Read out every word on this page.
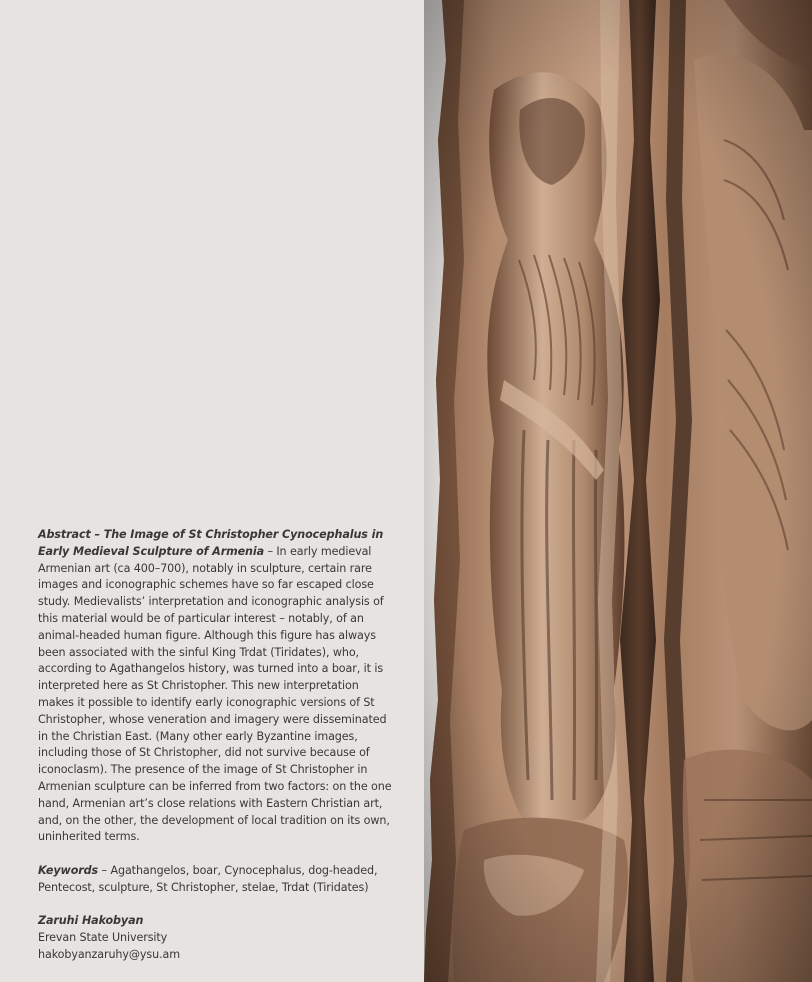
Abstract – The Image of St Christopher Cynocephalus in Early Medieval Sculpture of Armenia – In early medieval Armenian art (ca 400–700), notably in sculpture, certain rare images and iconographic schemes have so far escaped close study. Medievalists’ interpretation and iconographic analysis of this material would be of particular interest – notably, of an animal-headed human figure. Although this figure has always been associated with the sinful King Trdat (Tiridates), who, according to Agathangelos history, was turned into a boar, it is interpreted here as St Christopher. This new interpretation makes it possible to identify early iconographic versions of St Christopher, whose veneration and imagery were disseminated in the Christian East. (Many other early Byzantine images, including those of St Christopher, did not survive because of iconoclasm). The presence of the image of St Christopher in Armenian sculpture can be inferred from two factors: on the one hand, Armenian art’s close relations with Eastern Christian art, and, on the other, the development of local tradition on its own, uninherited terms.

Keywords – Agathangelos, boar, Cynocephalus, dog-headed, Pentecost, sculpture, St Christopher, stelae, Trdat (Tiridates)

Zaruhi Hakobyan
Erevan State University
hakobyanzaruhy@ysu.am
